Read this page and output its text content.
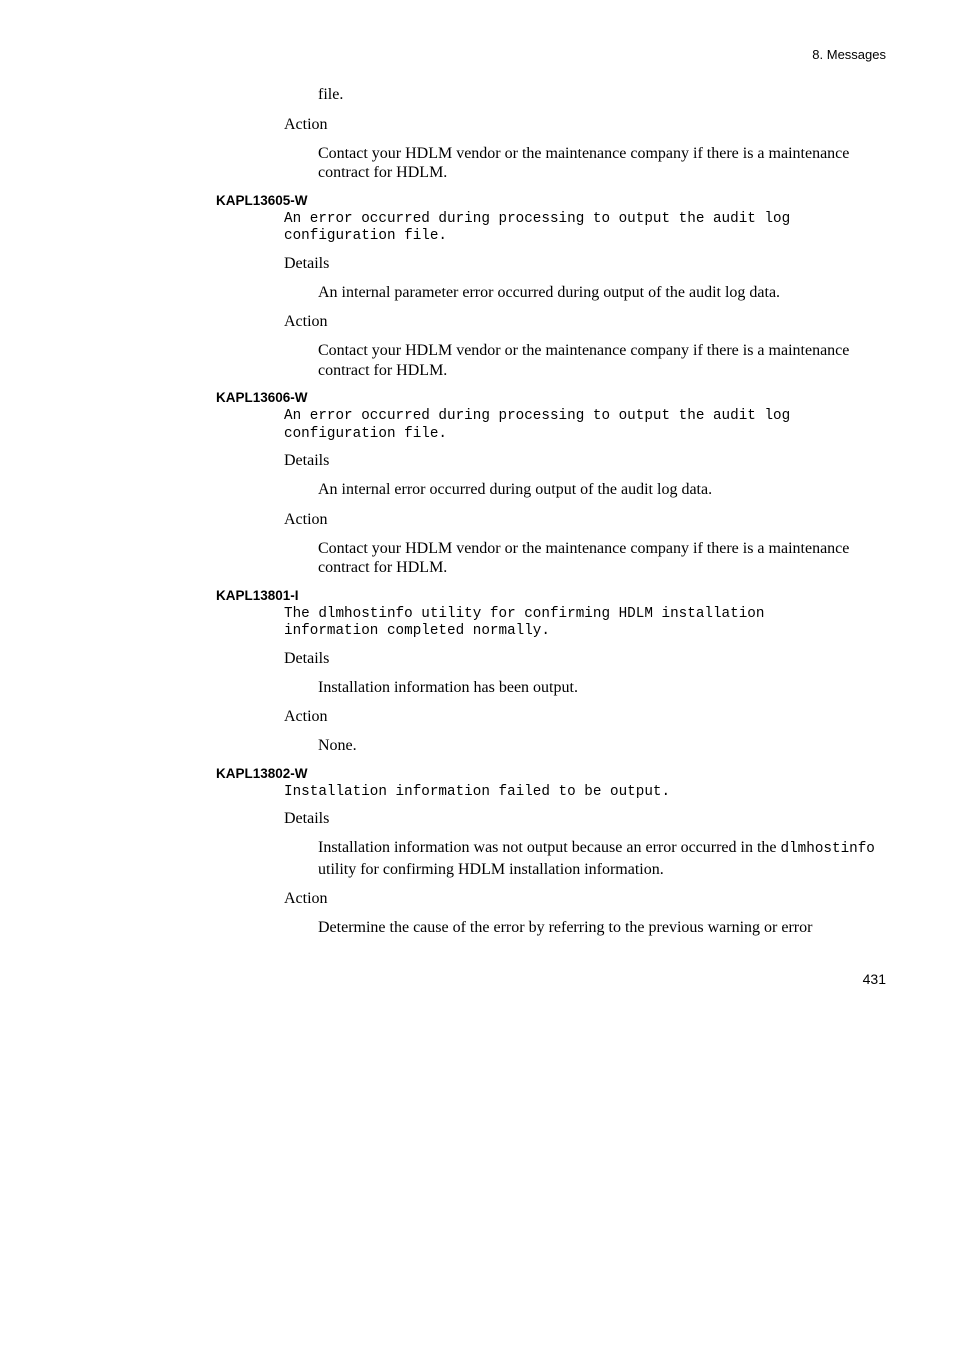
8. Messages

file.

Action

Contact your HDLM vendor or the maintenance company if there is a maintenance contract for HDLM.

KAPL13605-W
An error occurred during processing to output the audit log configuration file.

Details

An internal parameter error occurred during output of the audit log data.

Action

Contact your HDLM vendor or the maintenance company if there is a maintenance contract for HDLM.

KAPL13606-W
An error occurred during processing to output the audit log configuration file.

Details

An internal error occurred during output of the audit log data.

Action

Contact your HDLM vendor or the maintenance company if there is a maintenance contract for HDLM.

KAPL13801-I
The dlmhostinfo utility for confirming HDLM installation information completed normally.

Details

Installation information has been output.

Action

None.

KAPL13802-W
Installation information failed to be output.

Details

Installation information was not output because an error occurred in the dlmhostinfo utility for confirming HDLM installation information.

Action

Determine the cause of the error by referring to the previous warning or error

431
